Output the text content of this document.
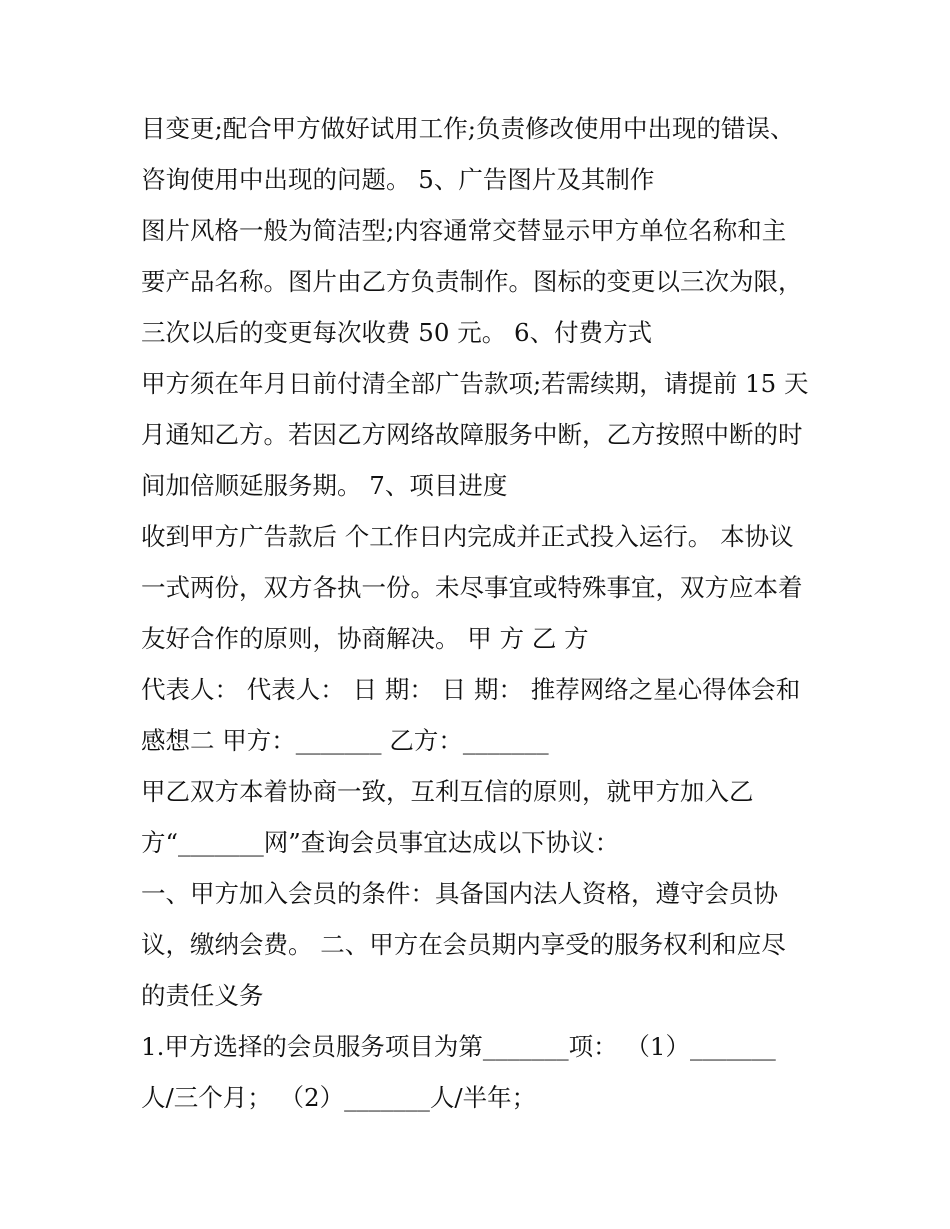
目变更;配合甲方做好试用工作;负责修改使用中出现的错误、
咨询使用中出现的问题。 5、广告图片及其制作
图片风格一般为简洁型;内容通常交替显示甲方单位名称和主
要产品名称。图片由乙方负责制作。图标的变更以三次为限，
三次以后的变更每次收费 50 元。 6、付费方式
甲方须在年月日前付清全部广告款项;若需续期，请提前 15 天
月通知乙方。若因乙方网络故障服务中断，乙方按照中断的时
间加倍顺延服务期。 7、项目进度
收到甲方广告款后 个工作日内完成并正式投入运行。 本协议
一式两份，双方各执一份。未尽事宜或特殊事宜，双方应本着
友好合作的原则，协商解决。 甲 方 乙 方
代表人： 代表人： 日 期： 日 期： 推荐网络之星心得体会和
感想二 甲方：_______ 乙方：_______
甲乙双方本着协商一致，互利互信的原则，就甲方加入乙
方“_______网”查询会员事宜达成以下协议：
一、甲方加入会员的条件：具备国内法人资格，遵守会员协
议，缴纳会费。 二、甲方在会员期内享受的服务权利和应尽
的责任义务
1.甲方选择的会员服务项目为第_______项： （1）_______
人/三个月； （2）_______人/半年；
